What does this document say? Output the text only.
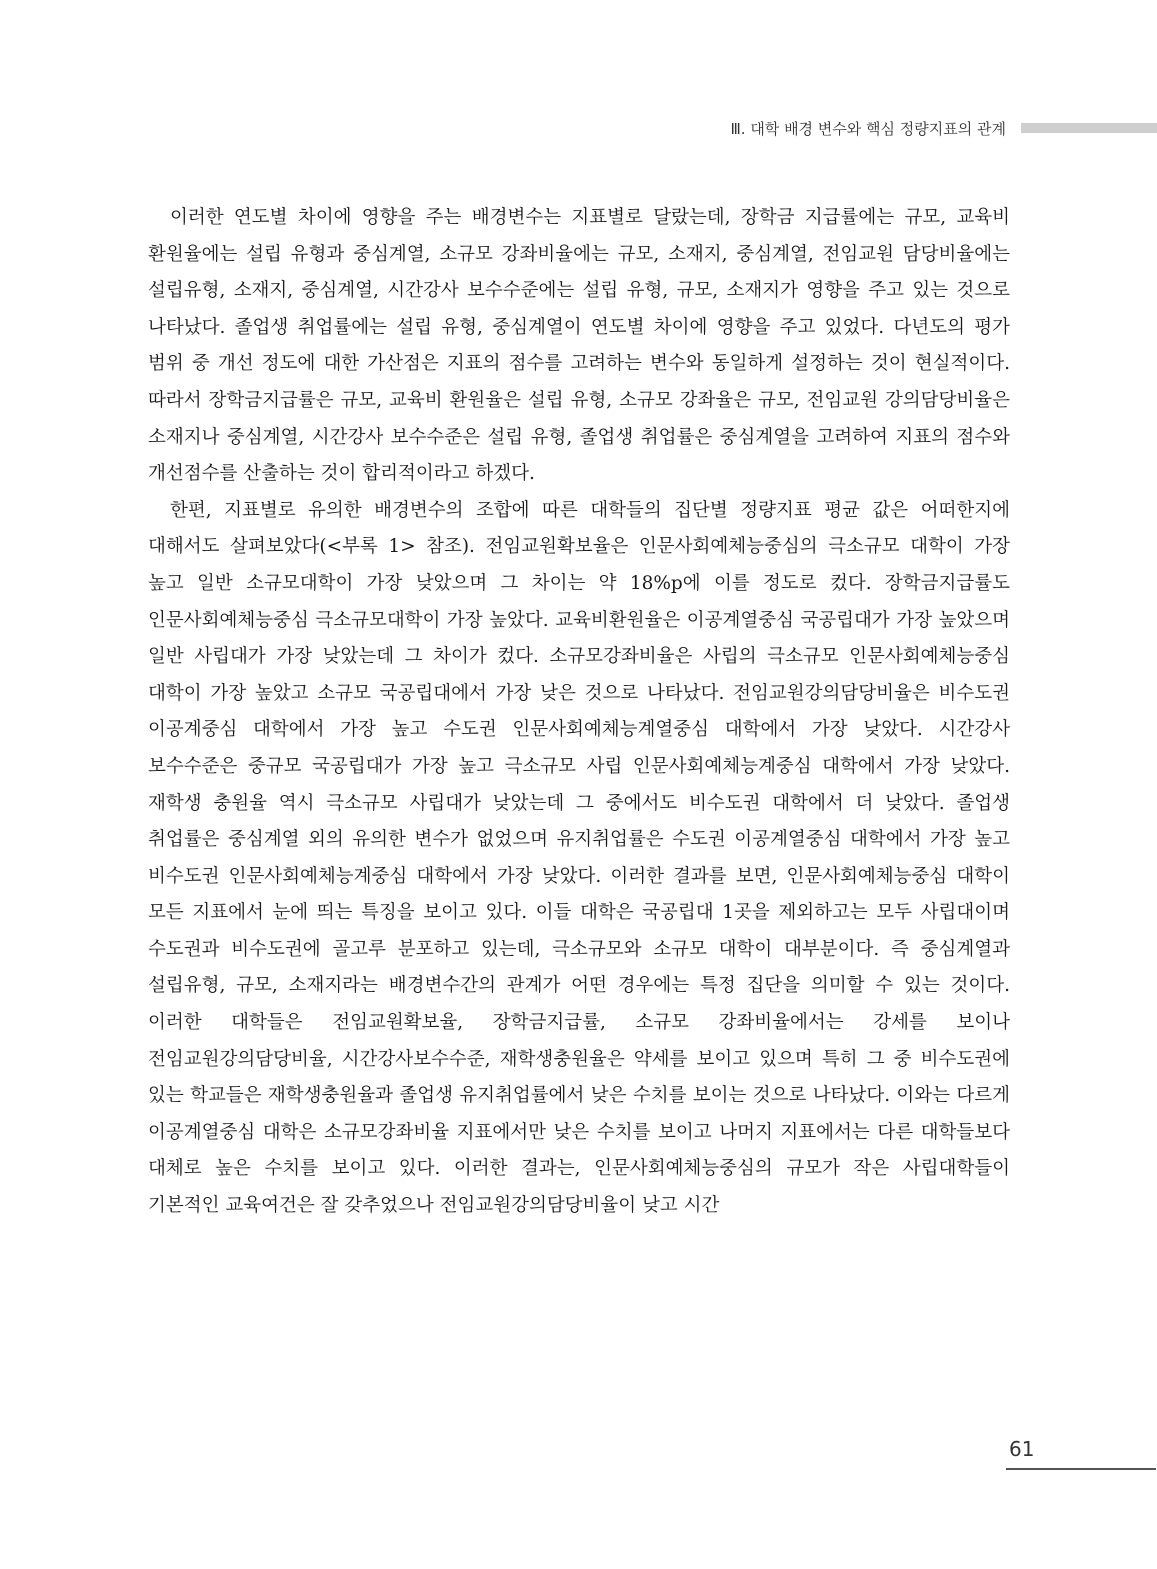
Ⅲ. 대학 배경 변수와 핵심 정량지표의 관계

이러한 연도별 차이에 영향을 주는 배경변수는 지표별로 달랐는데, 장학금 지급률에는 규모, 교육비 환원율에는 설립 유형과 중심계열, 소규모 강좌비율에는 규모, 소재지, 중심계열, 전임교원 담당비율에는 설립유형, 소재지, 중심계열, 시간강사 보수수준에는 설립 유형, 규모, 소재지가 영향을 주고 있는 것으로 나타났다. 졸업생 취업률에는 설립 유형, 중심계열이 연도별 차이에 영향을 주고 있었다. 다년도의 평가 범위 중 개선 정도에 대한 가산점은 지표의 점수를 고려하는 변수와 동일하게 설정하는 것이 현실적이다. 따라서 장학금지급률은 규모, 교육비 환원율은 설립 유형, 소규모 강좌율은 규모, 전임교원 강의담당비율은 소재지나 중심계열, 시간강사 보수수준은 설립 유형, 졸업생 취업률은 중심계열을 고려하여 지표의 점수와 개선점수를 산출하는 것이 합리적이라고 하겠다.

한편, 지표별로 유의한 배경변수의 조합에 따른 대학들의 집단별 정량지표 평균 값은 어떠한지에 대해서도 살펴보았다(<부록 1> 참조). 전임교원확보율은 인문사회예체능중심의 극소규모 대학이 가장 높고 일반 소규모대학이 가장 낮았으며 그 차이는 약 18%p에 이를 정도로 컸다. 장학금지급률도 인문사회예체능중심 극소규모대학이 가장 높았다. 교육비환원율은 이공계열중심 국공립대가 가장 높았으며 일반 사립대가 가장 낮았는데 그 차이가 컸다. 소규모강좌비율은 사립의 극소규모 인문사회예체능중심 대학이 가장 높았고 소규모 국공립대에서 가장 낮은 것으로 나타났다. 전임교원강의담당비율은 비수도권 이공계중심 대학에서 가장 높고 수도권 인문사회예체능계열중심 대학에서 가장 낮았다. 시간강사 보수수준은 중규모 국공립대가 가장 높고 극소규모 사립 인문사회예체능계중심 대학에서 가장 낮았다. 재학생 충원율 역시 극소규모 사립대가 낮았는데 그 중에서도 비수도권 대학에서 더 낮았다. 졸업생 취업률은 중심계열 외의 유의한 변수가 없었으며 유지취업률은 수도권 이공계열중심 대학에서 가장 높고 비수도권 인문사회예체능계중심 대학에서 가장 낮았다. 이러한 결과를 보면, 인문사회예체능중심 대학이 모든 지표에서 눈에 띄는 특징을 보이고 있다. 이들 대학은 국공립대 1곳을 제외하고는 모두 사립대이며 수도권과 비수도권에 골고루 분포하고 있는데, 극소규모와 소규모 대학이 대부분이다. 즉 중심계열과 설립유형, 규모, 소재지라는 배경변수간의 관계가 어떤 경우에는 특정 집단을 의미할 수 있는 것이다. 이러한 대학들은 전임교원확보율, 장학금지급률, 소규모 강좌비율에서는 강세를 보이나 전임교원강의담당비율, 시간강사보수수준, 재학생충원율은 약세를 보이고 있으며 특히 그 중 비수도권에 있는 학교들은 재학생충원율과 졸업생 유지취업률에서 낮은 수치를 보이는 것으로 나타났다. 이와는 다르게 이공계열중심 대학은 소규모강좌비율 지표에서만 낮은 수치를 보이고 나머지 지표에서는 다른 대학들보다 대체로 높은 수치를 보이고 있다. 이러한 결과는, 인문사회예체능중심의 규모가 작은 사립대학들이 기본적인 교육여건은 잘 갖추었으나 전임교원강의담당비율이 낮고 시간

61
